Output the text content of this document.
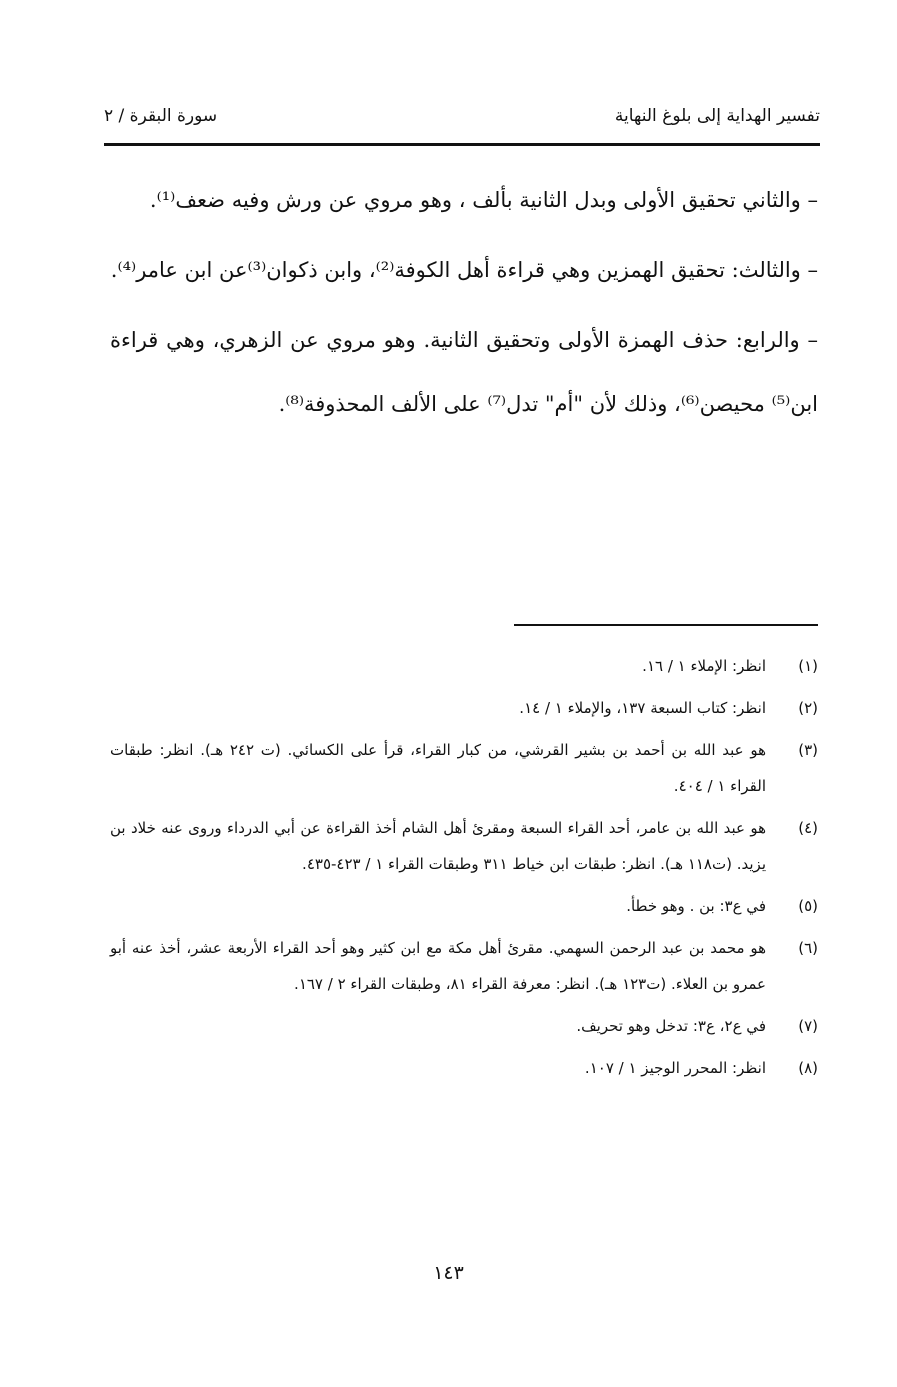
تفسير الهداية إلى بلوغ النهاية
سورة البقرة / ٢

– والثاني تحقيق الأولى وبدل الثانية بألف ، وهو مروي عن ورش وفيه ضعف⁽¹⁾.

– والثالث: تحقيق الهمزين وهي قراءة أهل الكوفة⁽²⁾، وابن ذكوان⁽³⁾عن ابن عامر⁽⁴⁾.

– والرابع: حذف الهمزة الأولى وتحقيق الثانية. وهو مروي عن الزهري، وهي قراءة ابن⁽⁵⁾ محيصن⁽⁶⁾، وذلك لأن "أم" تدل⁽⁷⁾ على الألف المحذوفة⁽⁸⁾.

(١)
انظر: الإملاء ١ / ١٦.
(٢)
انظر: كتاب السبعة ١٣٧، والإملاء ١ / ١٤.
(٣)
هو عبد الله بن أحمد بن بشير القرشي، من كبار القراء، قرأ على الكسائي. (ت ٢٤٢ هـ). انظر: طبقات القراء ١ / ٤٠٤.
(٤)
هو عبد الله بن عامر، أحد القراء السبعة ومقرئ أهل الشام أخذ القراءة عن أبي الدرداء وروى عنه خلاد بن يزيد. (ت١١٨ هـ). انظر: طبقات ابن خياط ٣١١ وطبقات القراء ١ / ٤٢٣-٤٣٥.
(٥)
في ع٣: بن . وهو خطأ.
(٦)
هو محمد بن عبد الرحمن السهمي. مقرئ أهل مكة مع ابن كثير وهو أحد القراء الأربعة عشر، أخذ عنه أبو عمرو بن العلاء. (ت١٢٣ هـ). انظر: معرفة القراء ٨١، وطبقات القراء ٢ / ١٦٧.
(٧)
في ع٢، ع٣: تدخل وهو تحريف.
(٨)
انظر: المحرر الوجيز ١ / ١٠٧.
١٤٣
